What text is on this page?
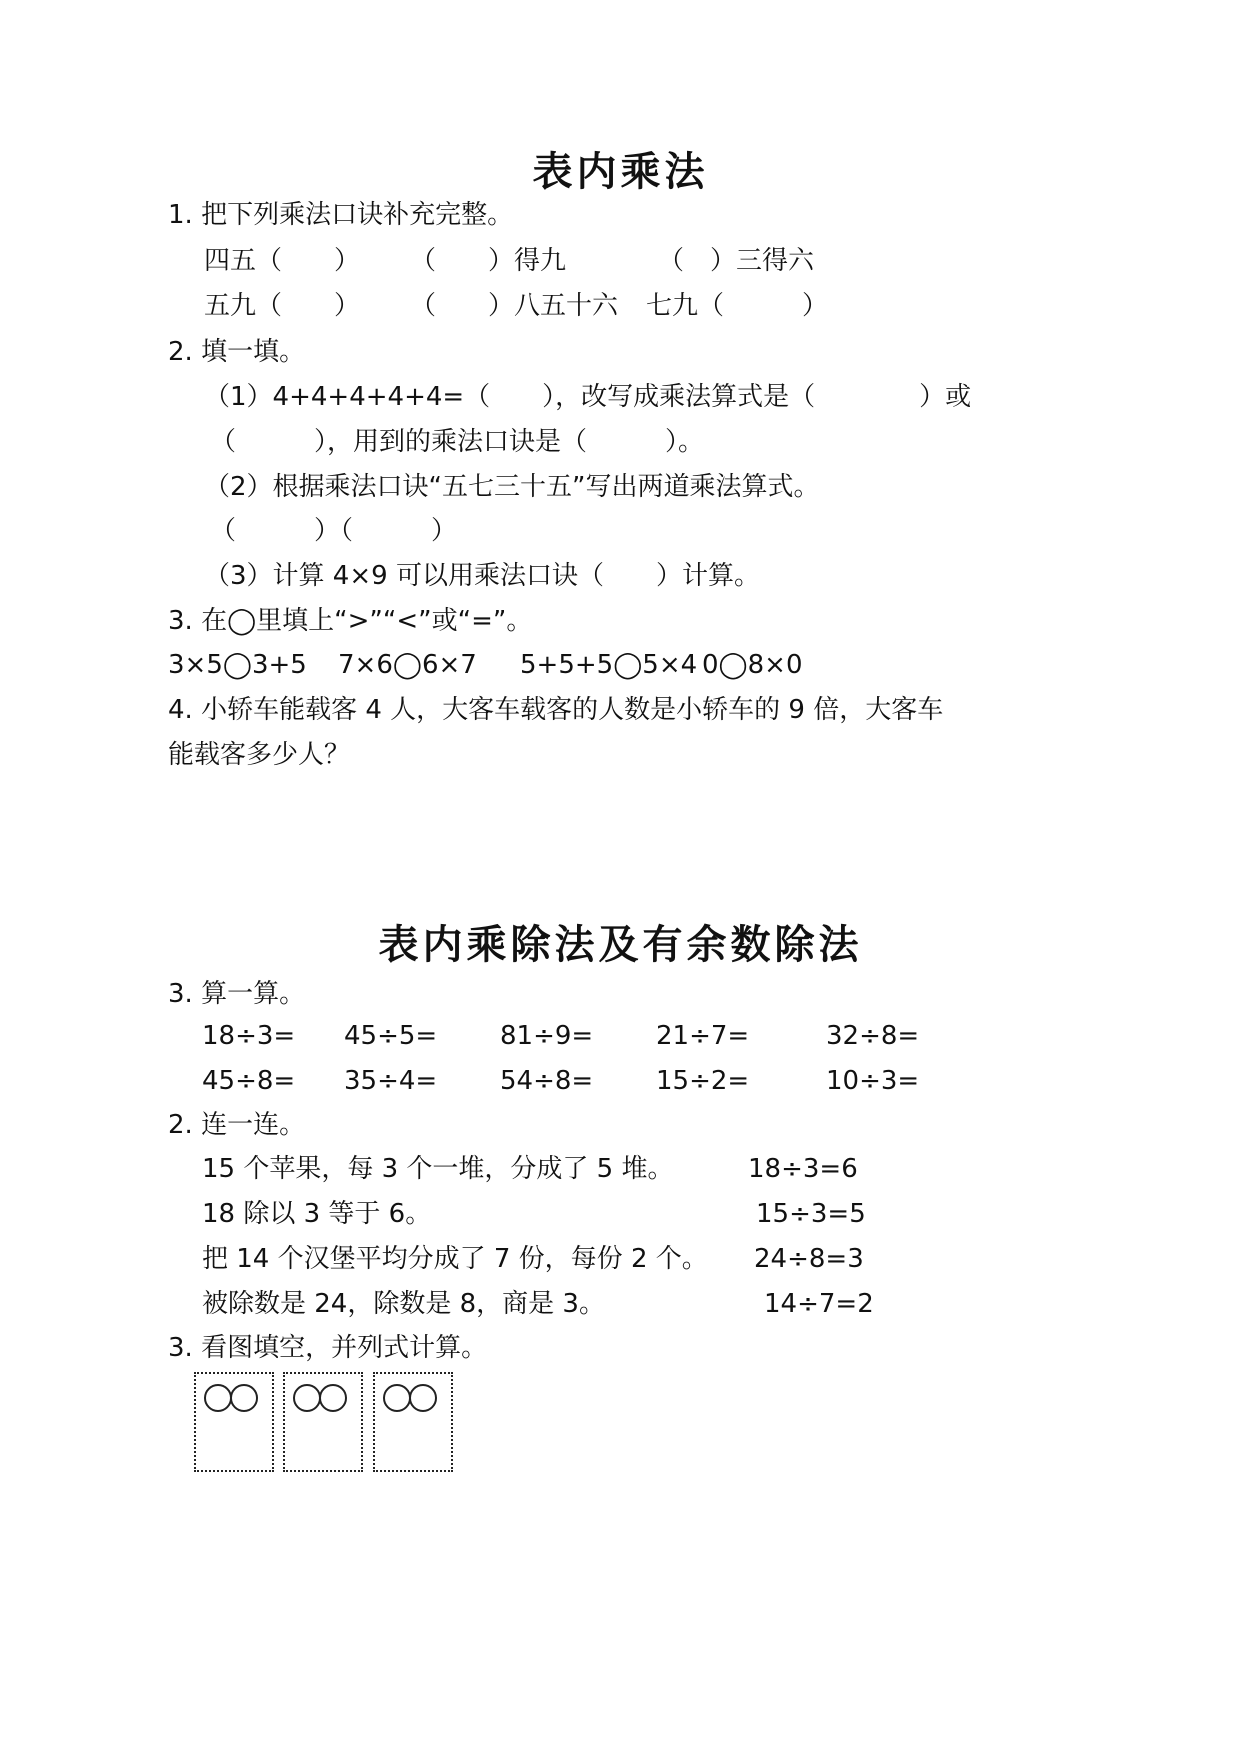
表内乘法
1. 把下列乘法口诀补充完整。
四五（　　） （　　）得九	（　）三得六
五九（　　） （　　）八五十六 七九（　　　）
2. 填一填。
（1）4+4+4+4+4=（　　），改写成乘法算式是（　　　　）或
（　　　），用到的乘法口诀是（　　　）。
（2）根据乘法口诀“五七三十五”写出两道乘法算式。
（　　　）（　　　）
（3）计算 4×9 可以用乘法口诀（　　）计算。
3. 在◯里填上“>”“<”或“=”。
3×5◯3+5 7×6◯6×7 5+5+5◯5×4 0◯8×0
4. 小轿车能载客 4 人，大客车载客的人数是小轿车的 9 倍，大客车
能载客多少人？
表内乘除法及有余数除法
3. 算一算。
18÷3= 45÷5= 81÷9= 21÷7=	32÷8=
45÷8= 35÷4= 54÷8= 15÷2=	10÷3=
2. 连一连。
15 个苹果，每 3 个一堆，分成了 5 堆。
18 除以 3 等于 6。
把 14 个汉堡平均分成了 7 份，每份 2 个。
被除数是 24，除数是 8，商是 3。
18÷3=6
15÷3=5
24÷8=3
14÷7=2
3. 看图填空，并列式计算。
